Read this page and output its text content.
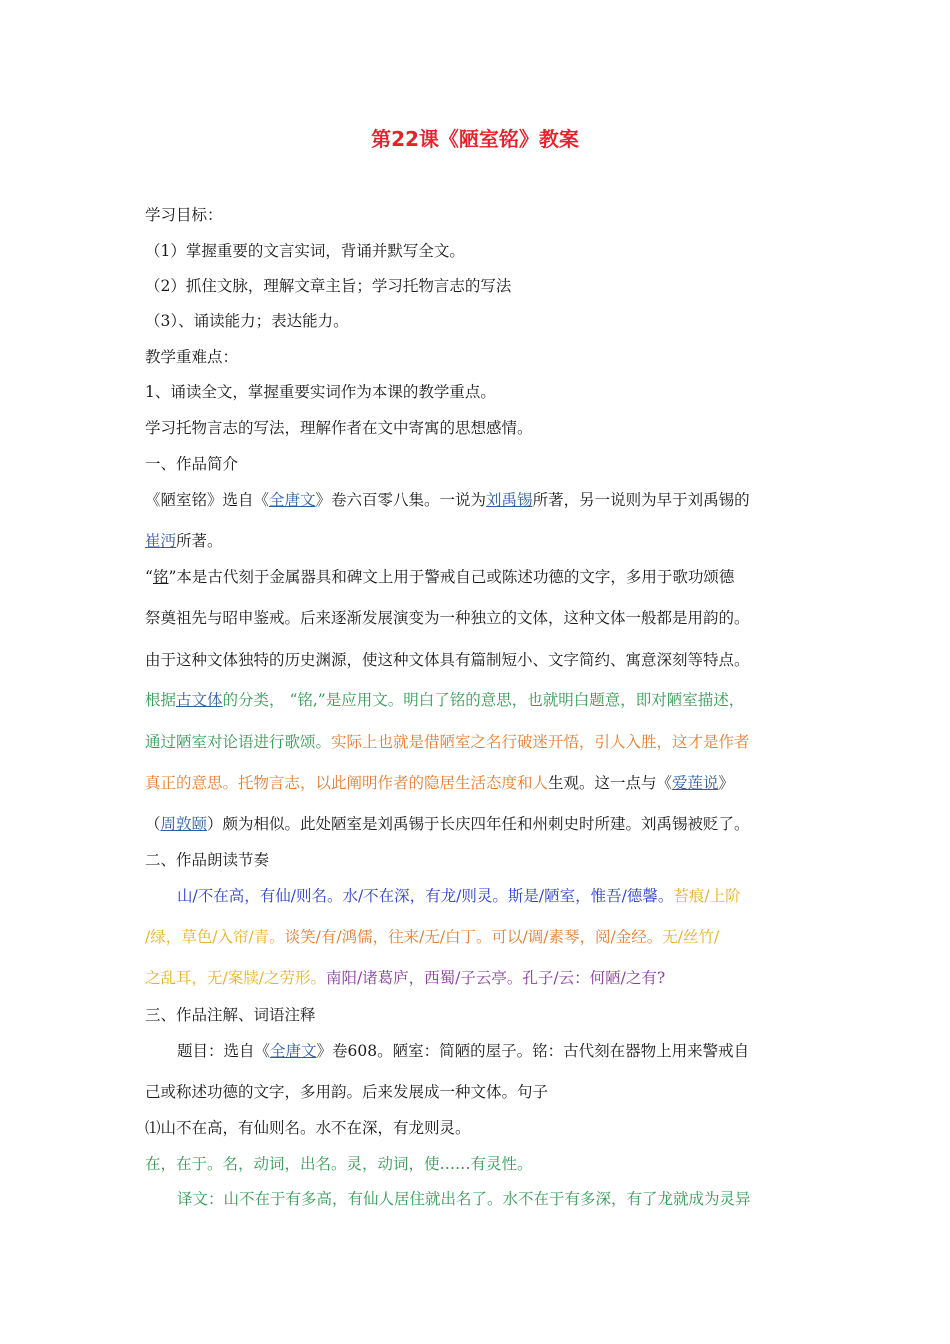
第22课《陋室铭》教案
学习目标：
（1）掌握重要的文言实词，背诵并默写全文。
（2）抓住文脉，理解文章主旨；学习托物言志的写法
（3）、诵读能力；表达能力。
教学重难点：
1、诵读全文，掌握重要实词作为本课的教学重点。
学习托物言志的写法，理解作者在文中寄寓的思想感情。
一、作品简介
《陋室铭》选自《全唐文》卷六百零八集。一说为刘禹锡所著，另一说则为早于刘禹锡的
崔沔所著。
“铭”本是古代刻于金属器具和碑文上用于警戒自己或陈述功德的文字，多用于歌功颂德
祭奠祖先与昭申鉴戒。后来逐渐发展演变为一种独立的文体，这种文体一般都是用韵的。
由于这种文体独特的历史渊源，使这种文体具有篇制短小、文字简约、寓意深刻等特点。
根据古文体的分类， “铭,”是应用文。明白了铭的意思，也就明白题意，即对陋室描述，
通过陋室对论语进行歌颂。实际上也就是借陋室之名行破迷开悟，引人入胜，这才是作者
真正的意思。托物言志，以此阐明作者的隐居生活态度和人生观。这一点与《爱莲说》
（周敦颐）颇为相似。此处陋室是刘禹锡于长庆四年任和州刺史时所建。刘禹锡被贬了。
二、作品朗读节奏
山/不在高，有仙/则名。水/不在深，有龙/则灵。斯是/陋室，惟吾/德馨。苔痕/上阶
/绿，草色/入帘/青。谈笑/有/鸿儒，往来/无/白丁。可以/调/素琴，阅/金经。无/丝竹/
之乱耳，无/案牍/之劳形。南阳/诸葛庐，西蜀/子云亭。孔子/云：何陋/之有?
三、作品注解、词语注释
题目：选自《全唐文》卷608。陋室：简陋的屋子。铭：古代刻在器物上用来警戒自
己或称述功德的文字，多用韵。后来发展成一种文体。句子
⑴山不在高，有仙则名。水不在深，有龙则灵。
在，在于。名，动词，出名。灵，动词，使……有灵性。
译文：山不在于有多高，有仙人居住就出名了。水不在于有多深，有了龙就成为灵异
